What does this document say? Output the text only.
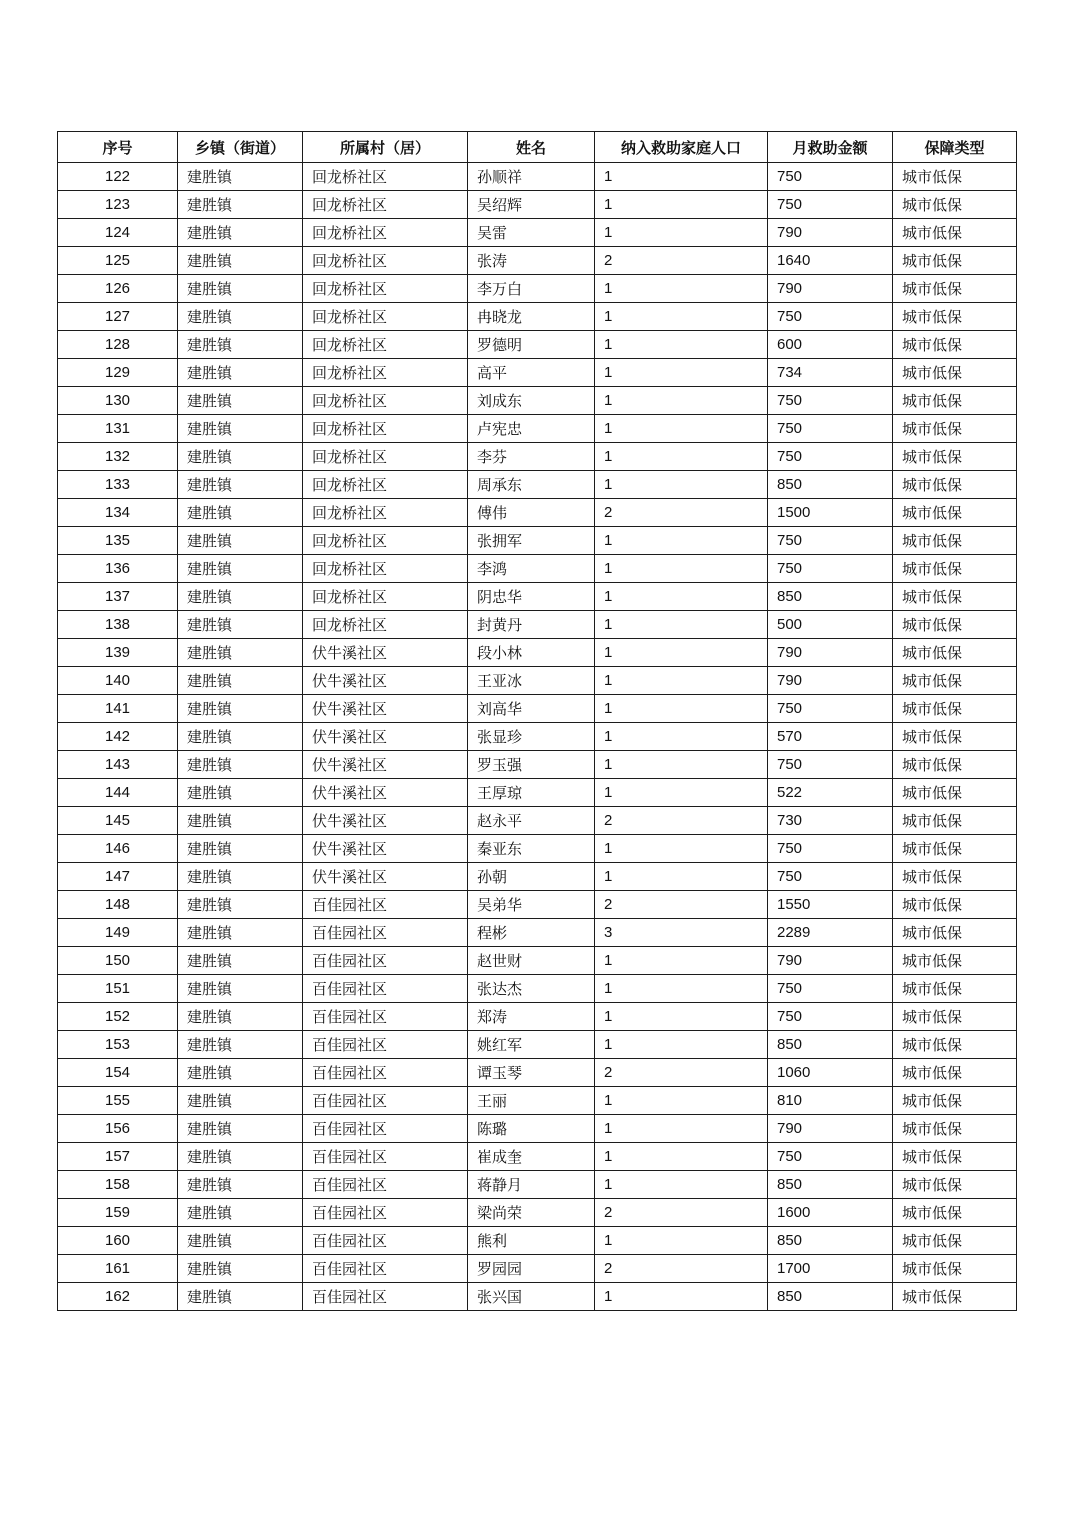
序号	乡镇（街道）	所属村（居）	姓名	纳入救助家庭人口	月救助金额	保障类型
122	建胜镇	回龙桥社区	孙顺祥	1	750	城市低保
123	建胜镇	回龙桥社区	吴绍辉	1	750	城市低保
124	建胜镇	回龙桥社区	吴雷	1	790	城市低保
125	建胜镇	回龙桥社区	张涛	2	1640	城市低保
126	建胜镇	回龙桥社区	李万白	1	790	城市低保
127	建胜镇	回龙桥社区	冉晓龙	1	750	城市低保
128	建胜镇	回龙桥社区	罗德明	1	600	城市低保
129	建胜镇	回龙桥社区	高平	1	734	城市低保
130	建胜镇	回龙桥社区	刘成东	1	750	城市低保
131	建胜镇	回龙桥社区	卢宪忠	1	750	城市低保
132	建胜镇	回龙桥社区	李芬	1	750	城市低保
133	建胜镇	回龙桥社区	周承东	1	850	城市低保
134	建胜镇	回龙桥社区	傅伟	2	1500	城市低保
135	建胜镇	回龙桥社区	张拥军	1	750	城市低保
136	建胜镇	回龙桥社区	李鸿	1	750	城市低保
137	建胜镇	回龙桥社区	阴忠华	1	850	城市低保
138	建胜镇	回龙桥社区	封黄丹	1	500	城市低保
139	建胜镇	伏牛溪社区	段小林	1	790	城市低保
140	建胜镇	伏牛溪社区	王亚冰	1	790	城市低保
141	建胜镇	伏牛溪社区	刘高华	1	750	城市低保
142	建胜镇	伏牛溪社区	张显珍	1	570	城市低保
143	建胜镇	伏牛溪社区	罗玉强	1	750	城市低保
144	建胜镇	伏牛溪社区	王厚琼	1	522	城市低保
145	建胜镇	伏牛溪社区	赵永平	2	730	城市低保
146	建胜镇	伏牛溪社区	秦亚东	1	750	城市低保
147	建胜镇	伏牛溪社区	孙朝	1	750	城市低保
148	建胜镇	百佳园社区	吴弟华	2	1550	城市低保
149	建胜镇	百佳园社区	程彬	3	2289	城市低保
150	建胜镇	百佳园社区	赵世财	1	790	城市低保
151	建胜镇	百佳园社区	张达杰	1	750	城市低保
152	建胜镇	百佳园社区	郑涛	1	750	城市低保
153	建胜镇	百佳园社区	姚红军	1	850	城市低保
154	建胜镇	百佳园社区	谭玉琴	2	1060	城市低保
155	建胜镇	百佳园社区	王丽	1	810	城市低保
156	建胜镇	百佳园社区	陈璐	1	790	城市低保
157	建胜镇	百佳园社区	崔成奎	1	750	城市低保
158	建胜镇	百佳园社区	蒋静月	1	850	城市低保
159	建胜镇	百佳园社区	梁尚荣	2	1600	城市低保
160	建胜镇	百佳园社区	熊利	1	850	城市低保
161	建胜镇	百佳园社区	罗园园	2	1700	城市低保
162	建胜镇	百佳园社区	张兴国	1	850	城市低保
